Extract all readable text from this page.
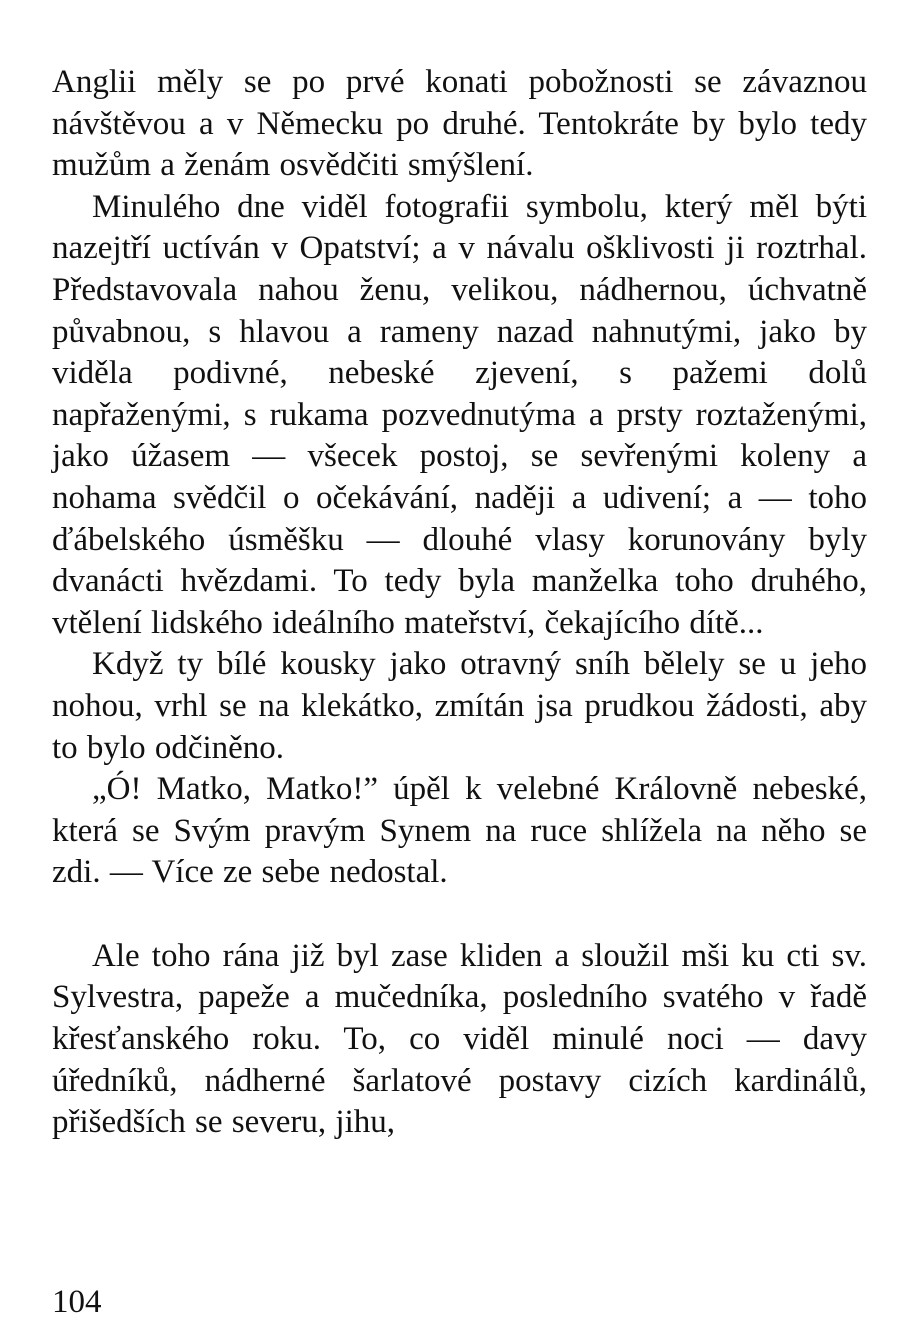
Anglii měly se po prvé konati pobožnosti se závaznou návštěvou a v Německu po druhé. Tentokráte by bylo tedy mužům a ženám osvědčiti smýšlení.

Minulého dne viděl fotografii symbolu, který měl býti nazejtří uctíván v Opatství; a v návalu ošklivosti ji roztrhal. Představovala nahou ženu, velikou, nádhernou, úchvatně půvabnou, s hlavou a rameny nazad nahnutými, jako by viděla podivné, nebeské zjevení, s pažemi dolů napřaženými, s rukama pozvednutýma a prsty roztaženými, jako úžasem — všecek postoj, se sevřenými koleny a nohama svědčil o očekávání, naději a udivení; a — toho ďábelského úsměšku — dlouhé vlasy korunovány byly dvanácti hvězdami. To tedy byla manželka toho druhého, vtělení lidského ideálního mateřství, čekajícího dítě...

Když ty bílé kousky jako otravný sníh bělely se u jeho nohou, vrhl se na klekátko, zmítán jsa prudkou žádosti, aby to bylo odčiněno.

„Ó! Matko, Matko!” úpěl k velebné Královně nebeské, která se Svým pravým Synem na ruce shlížela na něho se zdi. — Více ze sebe nedostal.

Ale toho rána již byl zase kliden a sloužil mši ku cti sv. Sylvestra, papeže a mučedníka, posledního svatého v řadě křesťanského roku. To, co viděl minulé noci — davy úředníků, nádherné šarlatové postavy cizích kardinálů, přišedších se severu, jihu,

104
